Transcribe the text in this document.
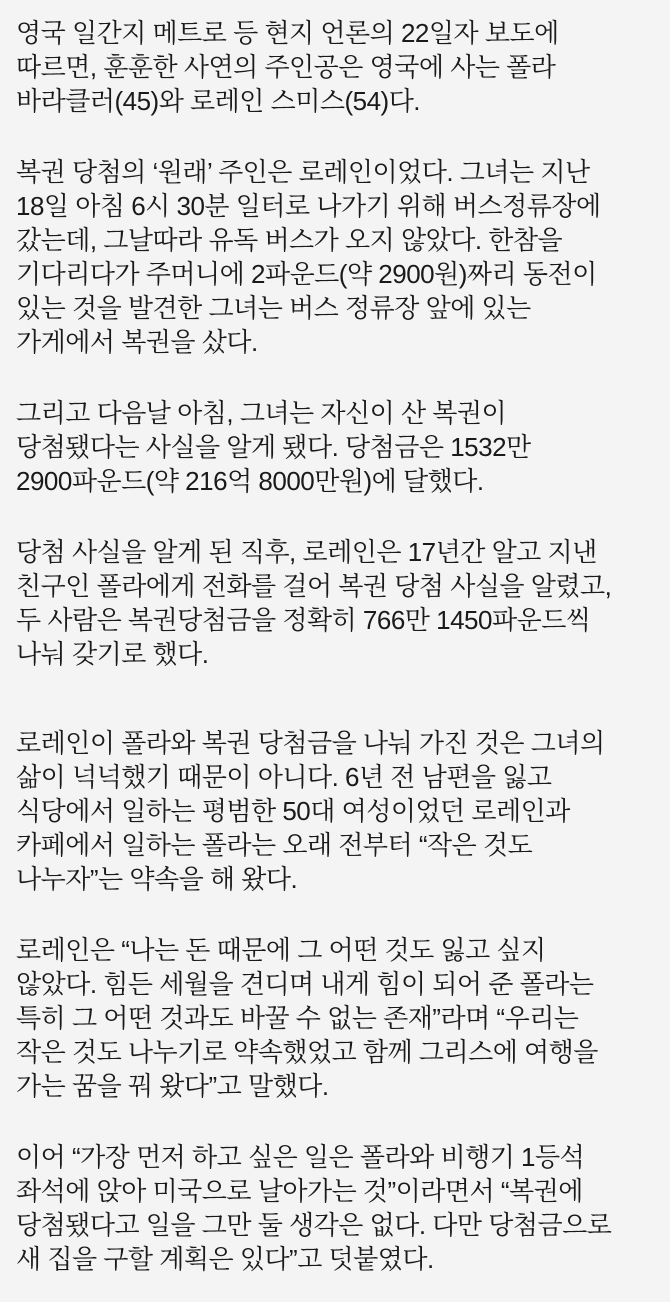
영국 일간지 메트로 등 현지 언론의 22일자 보도에
따르면, 훈훈한 사연의 주인공은 영국에 사는 폴라
바라클러(45)와 로레인 스미스(54)다.

복권 당첨의 ‘원래’ 주인은 로레인이었다. 그녀는 지난
18일 아침 6시 30분 일터로 나가기 위해 버스정류장에
갔는데, 그날따라 유독 버스가 오지 않았다. 한참을
기다리다가 주머니에 2파운드(약 2900원)짜리 동전이
있는 것을 발견한 그녀는 버스 정류장 앞에 있는
가게에서 복권을 샀다.

그리고 다음날 아침, 그녀는 자신이 산 복권이
당첨됐다는 사실을 알게 됐다. 당첨금은 1532만
2900파운드(약 216억 8000만원)에 달했다.

당첨 사실을 알게 된 직후, 로레인은 17년간 알고 지낸
친구인 폴라에게 전화를 걸어 복권 당첨 사실을 알렸고,
두 사람은 복권당첨금을 정확히 766만 1450파운드씩
나눠 갖기로 했다.

로레인이 폴라와 복권 당첨금을 나눠 가진 것은 그녀의
삶이 넉넉했기 때문이 아니다. 6년 전 남편을 잃고
식당에서 일하는 평범한 50대 여성이었던 로레인과
카페에서 일하는 폴라는 오래 전부터 “작은 것도
나누자”는 약속을 해 왔다.

로레인은 “나는 돈 때문에 그 어떤 것도 잃고 싶지
않았다. 힘든 세월을 견디며 내게 힘이 되어 준 폴라는
특히 그 어떤 것과도 바꿀 수 없는 존재”라며 “우리는
작은 것도 나누기로 약속했었고 함께 그리스에 여행을
가는 꿈을 꿔 왔다”고 말했다.

이어 “가장 먼저 하고 싶은 일은 폴라와 비행기 1등석
좌석에 앉아 미국으로 날아가는 것”이라면서 “복권에
당첨됐다고 일을 그만 둘 생각은 없다. 다만 당첨금으로
새 집을 구할 계획은 있다”고 덧붙였다.
